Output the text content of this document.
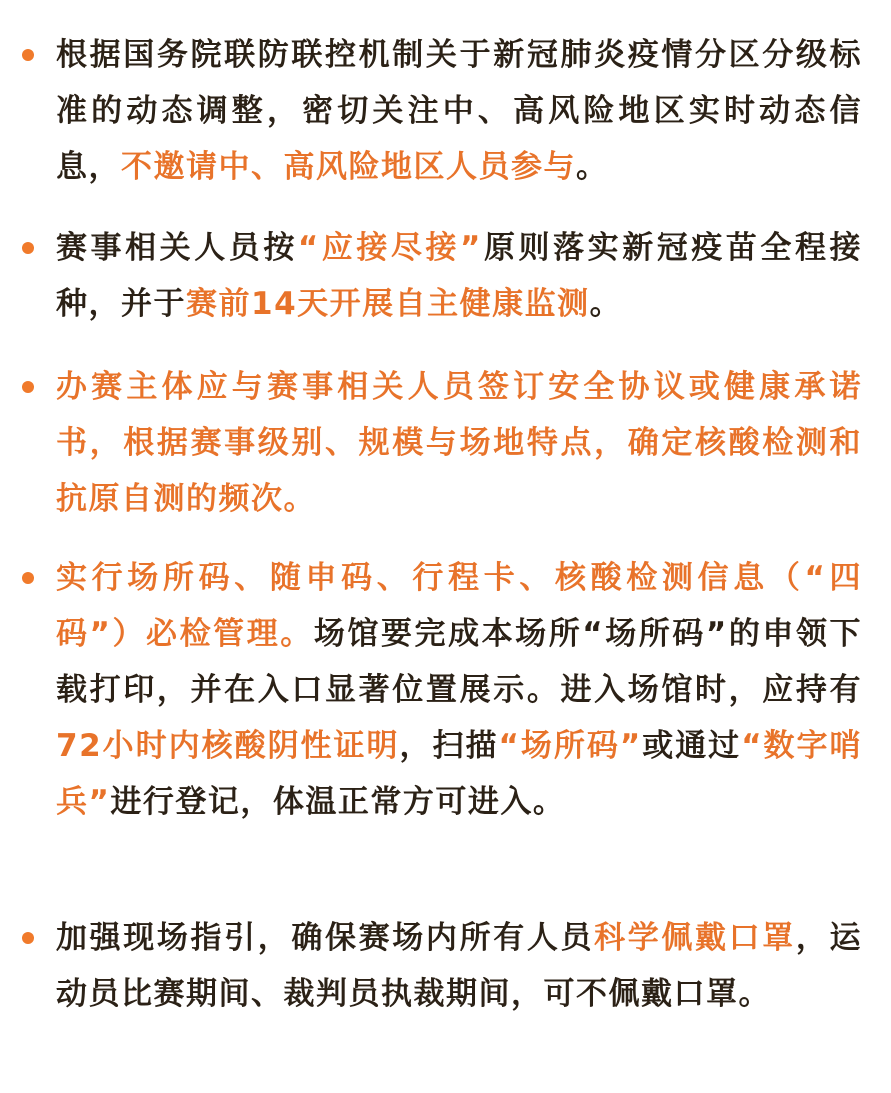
根据国务院联防联控机制关于新冠肺炎疫情分区分级标准的动态调整，密切关注中、高风险地区实时动态信息，不邀请中、高风险地区人员参与。
赛事相关人员按“应接尽接”原则落实新冠疫苗全程接种，并于赛前14天开展自主健康监测。
办赛主体应与赛事相关人员签订安全协议或健康承诺书，根据赛事级别、规模与场地特点，确定核酸检测和抗原自测的频次。
实行场所码、随申码、行程卡、核酸检测信息（“四码”）必检管理。场馆要完成本场所“场所码”的申领下载打印，并在入口显著位置展示。进入场馆时，应持有72小时内核酸阴性证明，扫描“场所码”或通过“数字哨兵”进行登记，体温正常方可进入。
加强现场指引，确保赛场内所有人员科学佩戴口罩，运动员比赛期间、裁判员执裁期间，可不佩戴口罩。
